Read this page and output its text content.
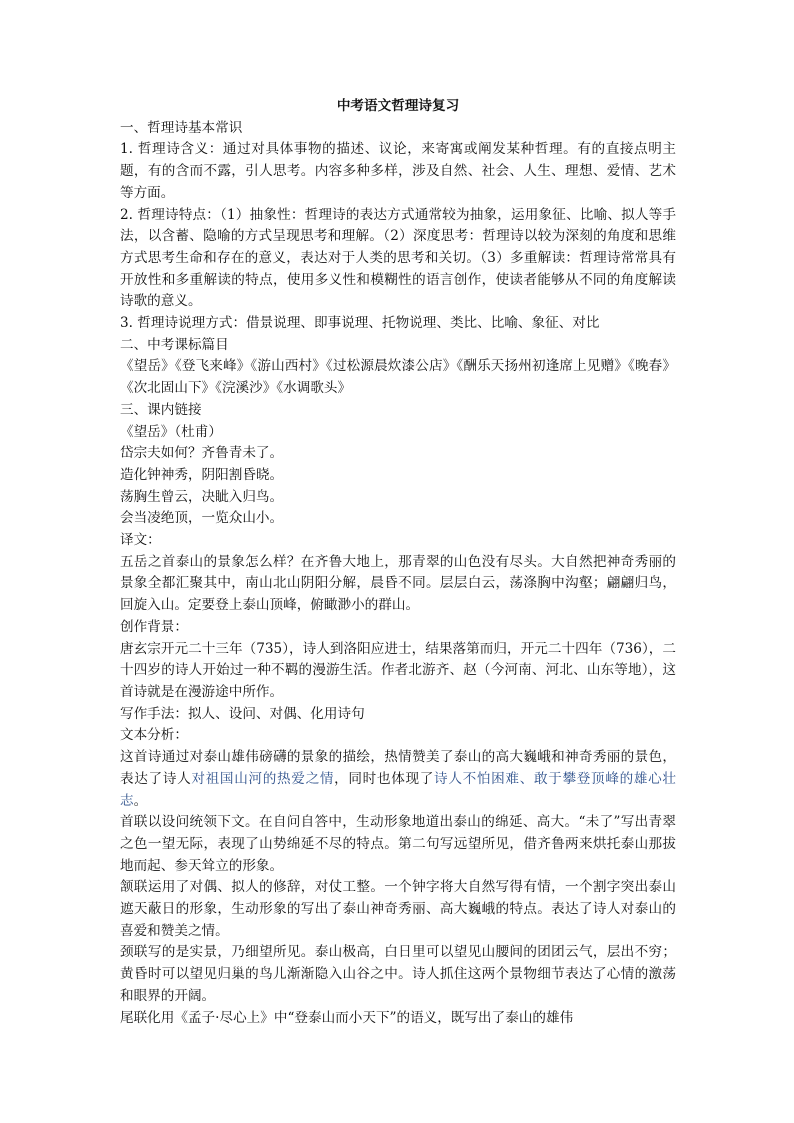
中考语文哲理诗复习

一、哲理诗基本常识

1. 哲理诗含义：通过对具体事物的描述、议论，来寄寓或阐发某种哲理。有的直接点明主题，有的含而不露，引人思考。内容多种多样，涉及自然、社会、人生、理想、爱情、艺术等方面。

2. 哲理诗特点：（1）抽象性：哲理诗的表达方式通常较为抽象，运用象征、比喻、拟人等手法，以含蓄、隐喻的方式呈现思考和理解。（2）深度思考：哲理诗以较为深刻的角度和思维方式思考生命和存在的意义，表达对于人类的思考和关切。（3）多重解读：哲理诗常常具有开放性和多重解读的特点，使用多义性和模糊性的语言创作，使读者能够从不同的角度解读诗歌的意义。

3. 哲理诗说理方式：借景说理、即事说理、托物说理、类比、比喻、象征、对比

二、中考课标篇目

《望岳》《登飞来峰》《游山西村》《过松源晨炊漆公店》《酬乐天扬州初逢席上见赠》《晚春》《次北固山下》《浣溪沙》《水调歌头》

三、课内链接

《望岳》（杜甫）

岱宗夫如何？齐鲁青未了。

造化钟神秀，阴阳割昏晓。

荡胸生曾云，决眦入归鸟。

会当凌绝顶，一览众山小。

译文：

五岳之首泰山的景象怎么样？在齐鲁大地上，那青翠的山色没有尽头。大自然把神奇秀丽的景象全都汇聚其中，南山北山阴阳分解，晨昏不同。层层白云，荡涤胸中沟壑；翩翩归鸟，回旋入山。定要登上泰山顶峰，俯瞰渺小的群山。

创作背景：

唐玄宗开元二十三年（735），诗人到洛阳应进士，结果落第而归，开元二十四年（736），二十四岁的诗人开始过一种不羁的漫游生活。作者北游齐、赵（今河南、河北、山东等地），这首诗就是在漫游途中所作。

写作手法：拟人、设问、对偶、化用诗句

文本分析：

这首诗通过对泰山雄伟磅礴的景象的描绘，热情赞美了泰山的高大巍峨和神奇秀丽的景色，表达了诗人对祖国山河的热爱之情，同时也体现了诗人不怕困难、敢于攀登顶峰的雄心壮志。

首联以设问统领下文。在自问自答中，生动形象地道出泰山的绵延、高大。“未了”写出青翠之色一望无际，表现了山势绵延不尽的特点。第二句写远望所见，借齐鲁两来烘托泰山那拔地而起、参天耸立的形象。

颔联运用了对偶、拟人的修辞，对仗工整。一个钟字将大自然写得有情，一个割字突出泰山遮天蔽日的形象，生动形象的写出了泰山神奇秀丽、高大巍峨的特点。表达了诗人对泰山的喜爱和赞美之情。

颈联写的是实景，乃细望所见。泰山极高，白日里可以望见山腰间的团团云气，层出不穷；黄昏时可以望见归巢的鸟儿渐渐隐入山谷之中。诗人抓住这两个景物细节表达了心情的激荡和眼界的开阔。

尾联化用《孟子·尽心上》中“登泰山而小天下”的语义，既写出了泰山的雄伟
